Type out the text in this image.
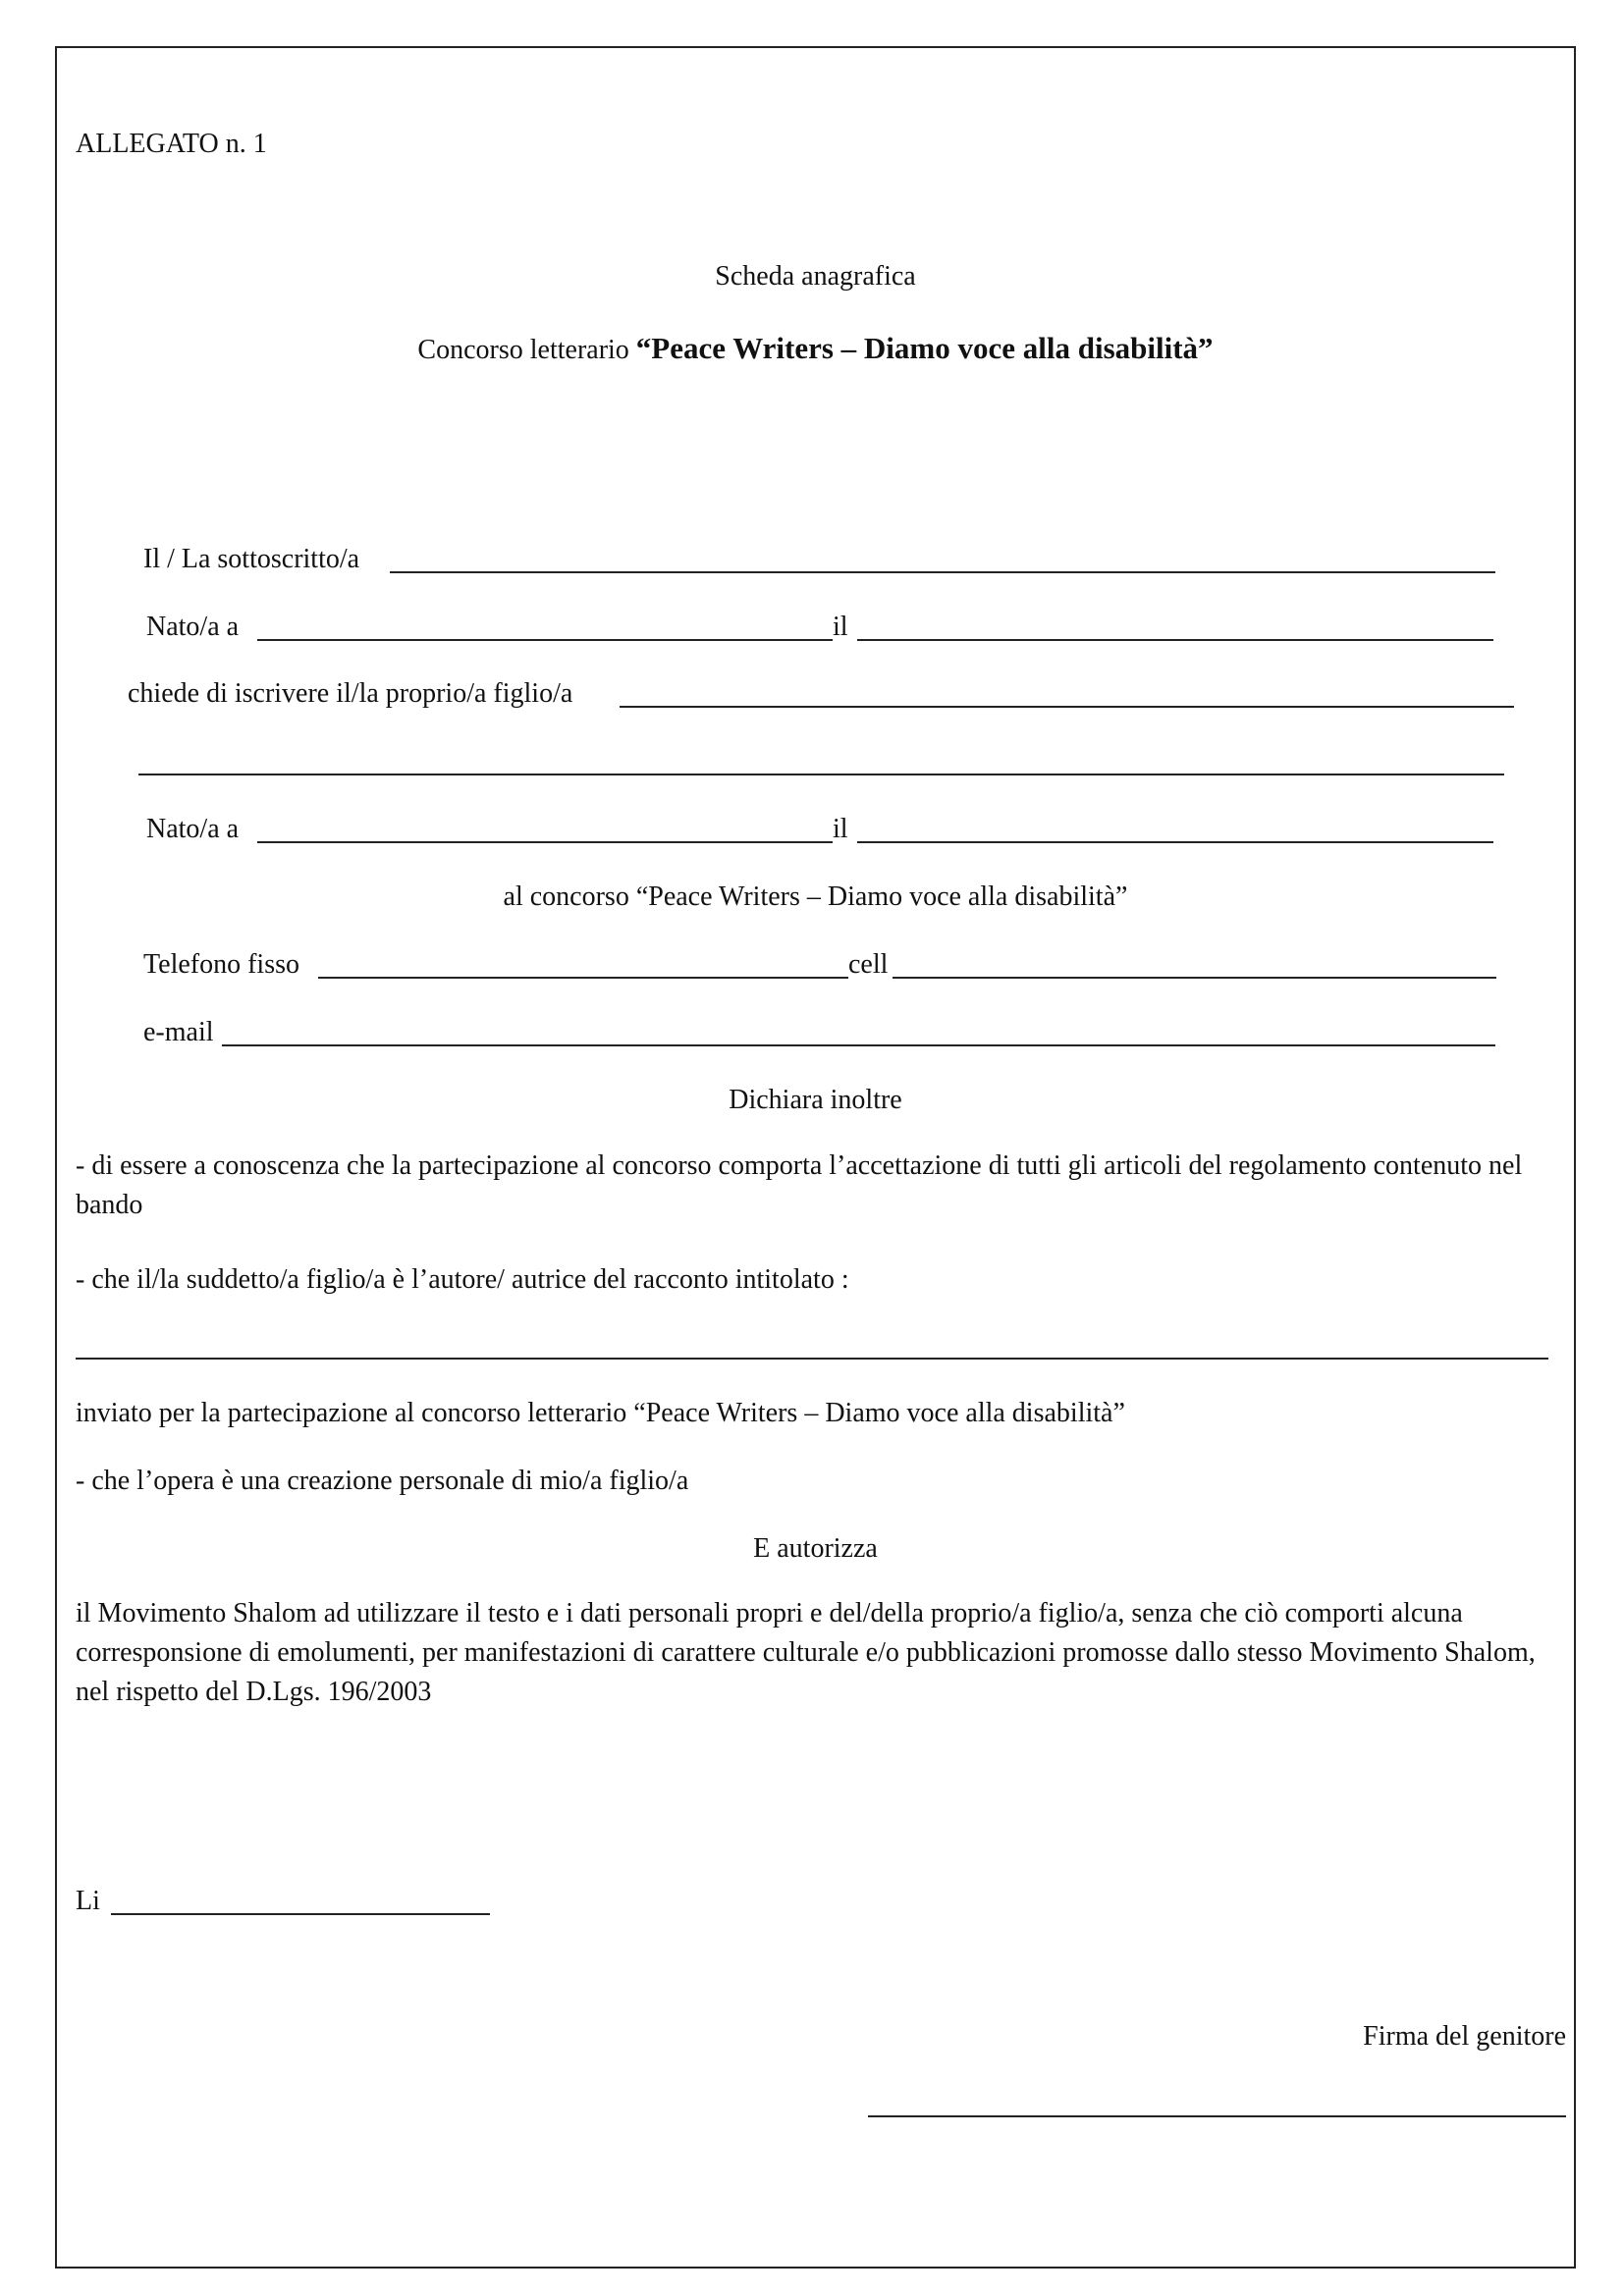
ALLEGATO n. 1
Scheda anagrafica
Concorso letterario “Peace Writers – Diamo voce alla disabilità”
Il / La sottoscritto/a
Nato/a a	il
chiede di iscrivere il/la proprio/a figlio/a
Nato/a a	il
al concorso “Peace Writers – Diamo voce alla disabilità”
Telefono fisso	cell
e-mail
Dichiara inoltre
- di essere a conoscenza che la partecipazione al concorso comporta l’accettazione di tutti gli articoli del regolamento contenuto nel bando
- che il/la suddetto/a figlio/a è l’autore/ autrice del racconto intitolato :
inviato per la partecipazione al concorso letterario “Peace Writers – Diamo voce alla disabilità”
- che l’opera è una creazione personale di mio/a figlio/a
E autorizza
il Movimento Shalom ad utilizzare il testo e i dati personali propri e del/della proprio/a figlio/a, senza che ciò comporti alcuna corresponsione di emolumenti, per manifestazioni di carattere culturale e/o pubblicazioni promosse dallo stesso Movimento Shalom, nel rispetto del D.Lgs. 196/2003
Li
Firma del genitore
